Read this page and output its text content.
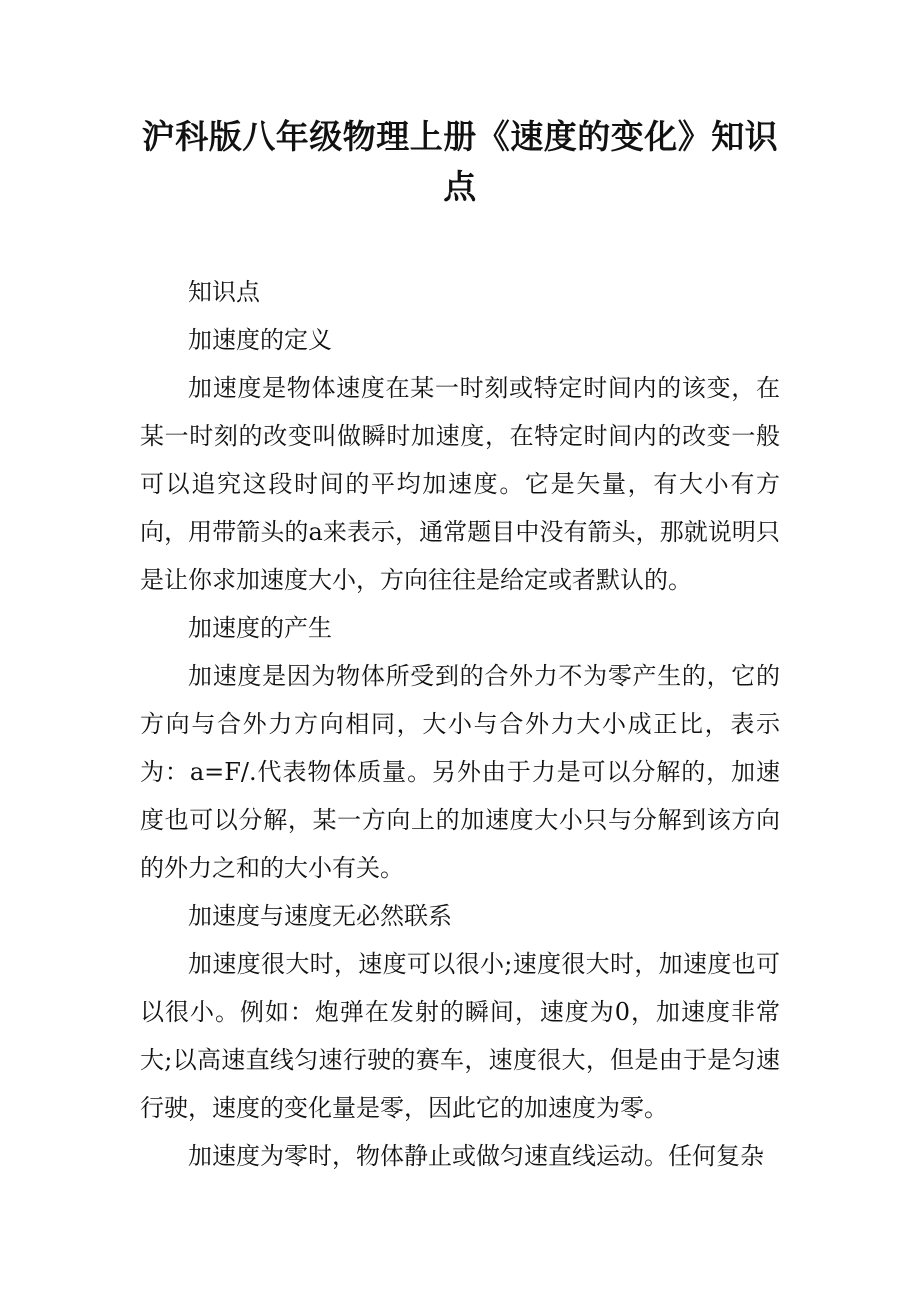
沪科版八年级物理上册《速度的变化》知识点

知识点

加速度的定义

加速度是物体速度在某一时刻或特定时间内的该变，在某一时刻的改变叫做瞬时加速度，在特定时间内的改变一般可以追究这段时间的平均加速度。它是矢量，有大小有方向，用带箭头的a来表示，通常题目中没有箭头，那就说明只是让你求加速度大小，方向往往是给定或者默认的。

加速度的产生

加速度是因为物体所受到的合外力不为零产生的，它的方向与合外力方向相同，大小与合外力大小成正比，表示为：a=F/.代表物体质量。另外由于力是可以分解的，加速度也可以分解，某一方向上的加速度大小只与分解到该方向的外力之和的大小有关。

加速度与速度无必然联系

加速度很大时，速度可以很小;速度很大时，加速度也可以很小。例如：炮弹在发射的瞬间，速度为0，加速度非常大;以高速直线匀速行驶的赛车，速度很大，但是由于是匀速行驶，速度的变化量是零，因此它的加速度为零。

加速度为零时，物体静止或做匀速直线运动。任何复杂
